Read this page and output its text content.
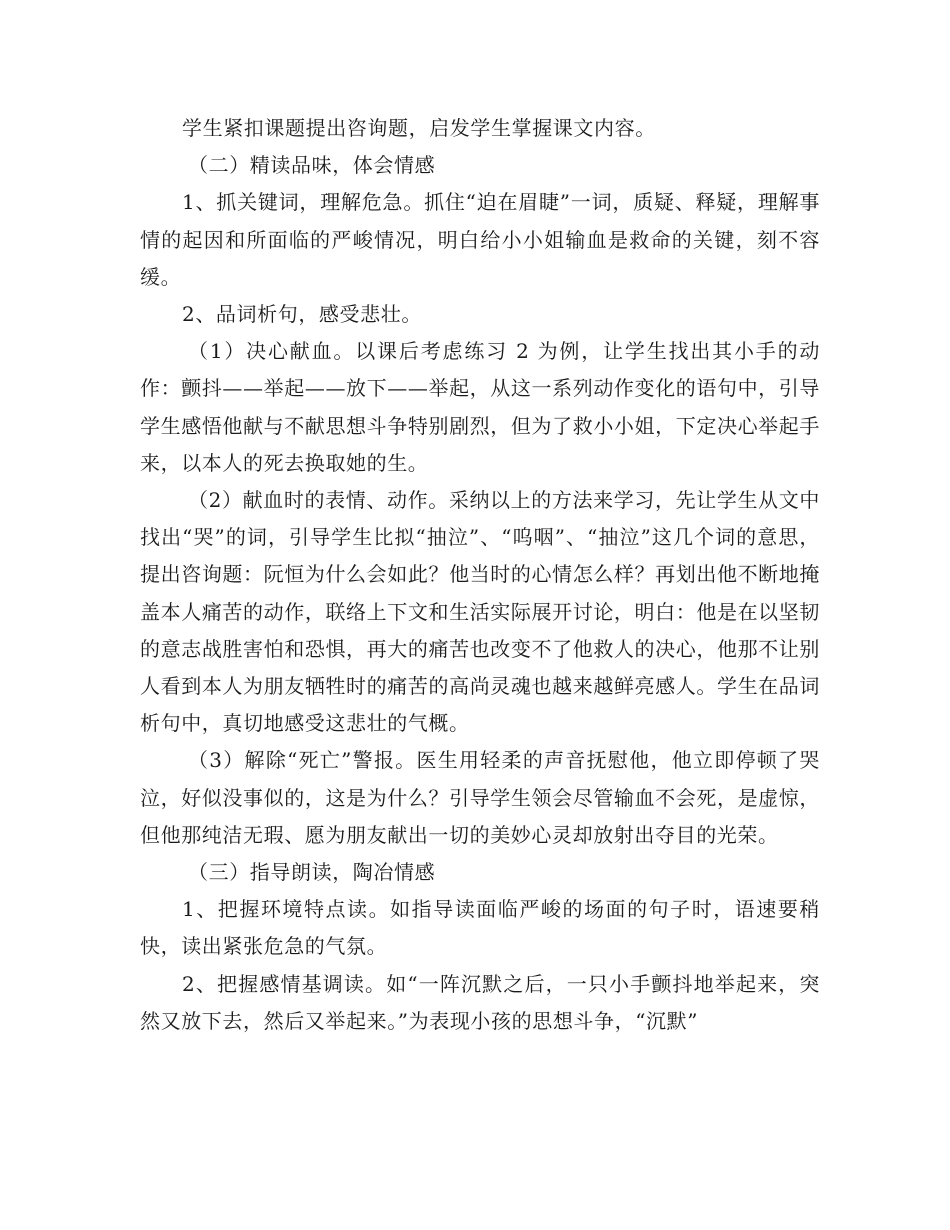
学生紧扣课题提出咨询题，启发学生掌握课文内容。

（二）精读品味，体会情感

1、抓关键词，理解危急。抓住“迫在眉睫”一词，质疑、释疑，理解事情的起因和所面临的严峻情况，明白给小小姐输血是救命的关键，刻不容缓。

2、品词析句，感受悲壮。

（1）决心献血。以课后考虑练习 2 为例，让学生找出其小手的动作：颤抖——举起——放下——举起，从这一系列动作变化的语句中，引导学生感悟他献与不献思想斗争特别剧烈，但为了救小小姐，下定决心举起手来，以本人的死去换取她的生。

（2）献血时的表情、动作。采纳以上的方法来学习，先让学生从文中找出“哭”的词，引导学生比拟“抽泣”、“呜咽”、“抽泣”这几个词的意思，提出咨询题：阮恒为什么会如此？他当时的心情怎么样？再划出他不断地掩盖本人痛苦的动作，联络上下文和生活实际展开讨论，明白：他是在以坚韧的意志战胜害怕和恐惧，再大的痛苦也改变不了他救人的决心，他那不让别人看到本人为朋友牺牲时的痛苦的高尚灵魂也越来越鲜亮感人。学生在品词析句中，真切地感受这悲壮的气概。

（3）解除“死亡”警报。医生用轻柔的声音抚慰他，他立即停顿了哭泣，好似没事似的，这是为什么？引导学生领会尽管输血不会死，是虚惊，但他那纯洁无瑕、愿为朋友献出一切的美妙心灵却放射出夺目的光荣。

（三）指导朗读，陶冶情感

1、把握环境特点读。如指导读面临严峻的场面的句子时，语速要稍快，读出紧张危急的气氛。

2、把握感情基调读。如“一阵沉默之后，一只小手颤抖地举起来，突然又放下去，然后又举起来。”为表现小孩的思想斗争，“沉默”
